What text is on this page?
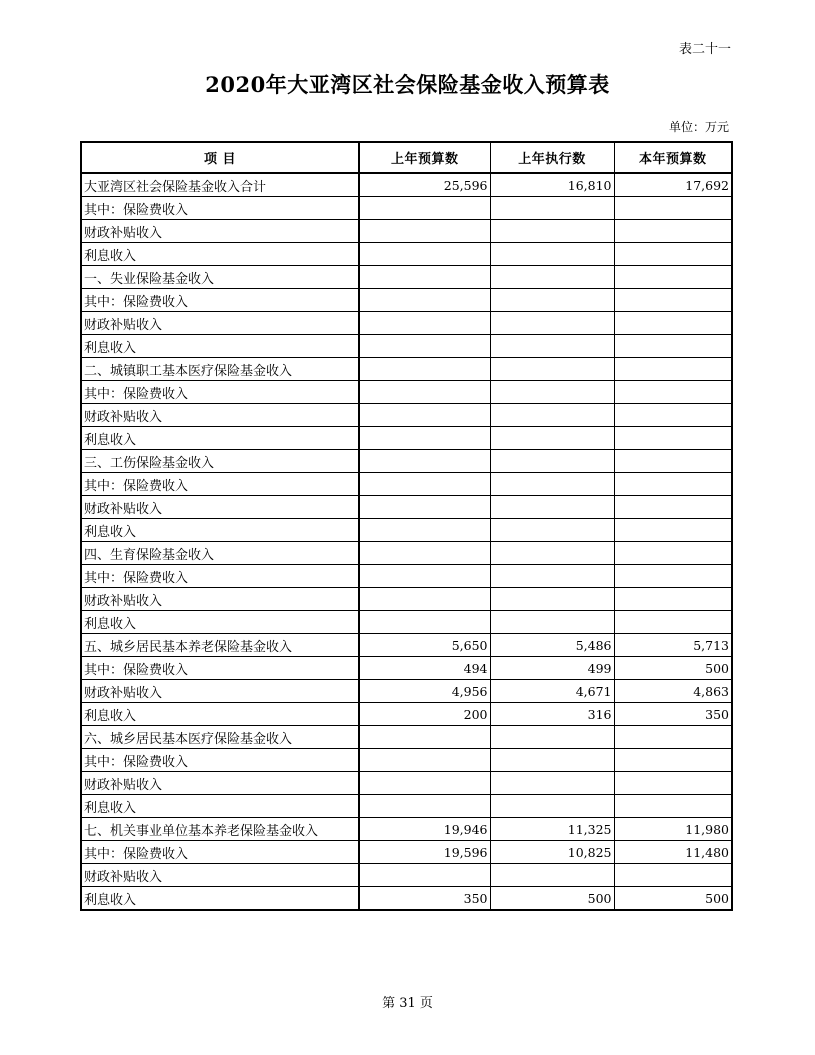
表二十一
2020年大亚湾区社会保险基金收入预算表
单位：万元
项 目	上年预算数	上年执行数	本年预算数
大亚湾区社会保险基金收入合计	25,596	16,810	17,692
其中：保险费收入			
财政补贴收入			
利息收入			
一、失业保险基金收入			
其中：保险费收入			
财政补贴收入			
利息收入			
二、城镇职工基本医疗保险基金收入			
其中：保险费收入			
财政补贴收入			
利息收入			
三、工伤保险基金收入			
其中：保险费收入			
财政补贴收入			
利息收入			
四、生育保险基金收入			
其中：保险费收入			
财政补贴收入			
利息收入			
五、城乡居民基本养老保险基金收入	5,650	5,486	5,713
其中：保险费收入	494	499	500
财政补贴收入	4,956	4,671	4,863
利息收入	200	316	350
六、城乡居民基本医疗保险基金收入			
其中：保险费收入			
财政补贴收入			
利息收入			
七、机关事业单位基本养老保险基金收入	19,946	11,325	11,980
其中：保险费收入	19,596	10,825	11,480
财政补贴收入			
利息收入	350	500	500
第 31 页
